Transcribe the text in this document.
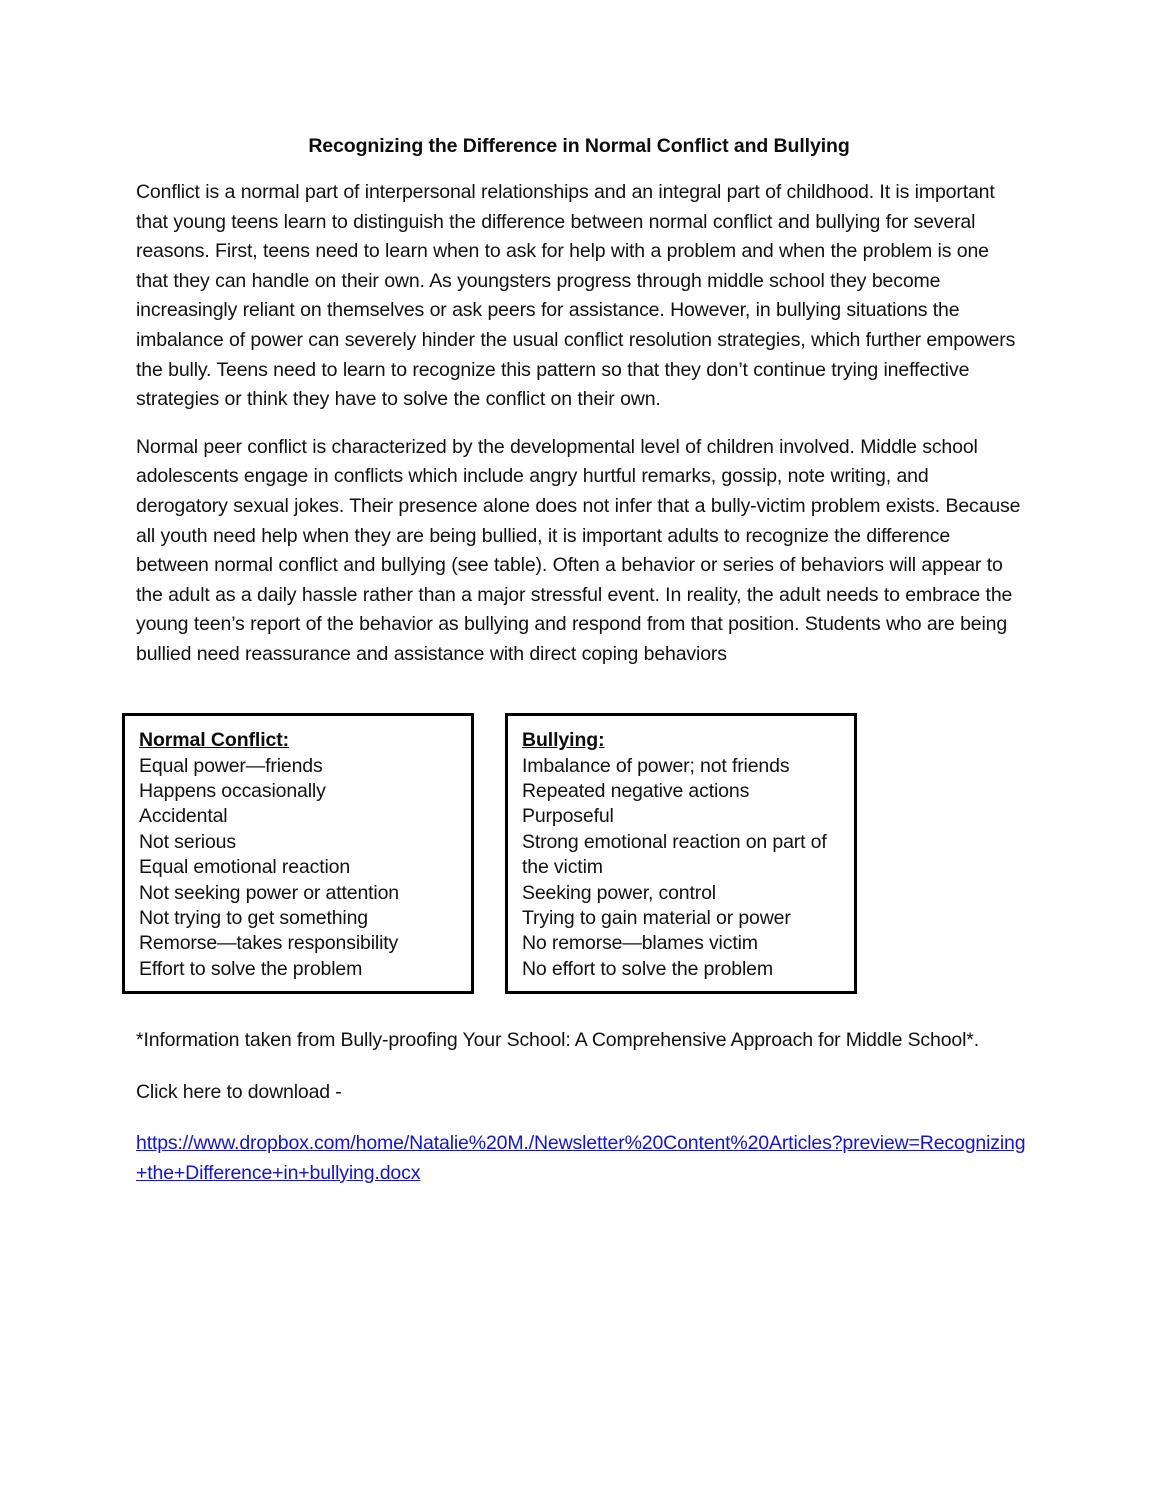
Recognizing the Difference in Normal Conflict and Bullying

Conflict is a normal part of interpersonal relationships and an integral part of childhood. It is important that young teens learn to distinguish the difference between normal conflict and bullying for several reasons. First, teens need to learn when to ask for help with a problem and when the problem is one that they can handle on their own. As youngsters progress through middle school they become increasingly reliant on themselves or ask peers for assistance. However, in bullying situations the imbalance of power can severely hinder the usual conflict resolution strategies, which further empowers the bully. Teens need to learn to recognize this pattern so that they don’t continue trying ineffective strategies or think they have to solve the conflict on their own.

Normal peer conflict is characterized by the developmental level of children involved. Middle school adolescents engage in conflicts which include angry hurtful remarks, gossip, note writing, and derogatory sexual jokes. Their presence alone does not infer that a bully-victim problem exists. Because all youth need help when they are being bullied, it is important adults to recognize the difference between normal conflict and bullying (see table). Often a behavior or series of behaviors will appear to the adult as a daily hassle rather than a major stressful event. In reality, the adult needs to embrace the young teen’s report of the behavior as bullying and respond from that position. Students who are being bullied need reassurance and assistance with direct coping behaviors

Normal Conflict:
Equal power—friends
Happens occasionally
Accidental
Not serious
Equal emotional reaction
Not seeking power or attention
Not trying to get something
Remorse—takes responsibility
Effort to solve the problem
Bullying:
Imbalance of power; not friends
Repeated negative actions
Purposeful
Strong emotional reaction on part of the victim
Seeking power, control
Trying to gain material or power
No remorse—blames victim
No effort to solve the problem

*Information taken from Bully-proofing Your School: A Comprehensive Approach for Middle School*.

Click here to download -

https://www.dropbox.com/home/Natalie%20M./Newsletter%20Content%20Articles?preview=Recognizing+the+Difference+in+bullying.docx
